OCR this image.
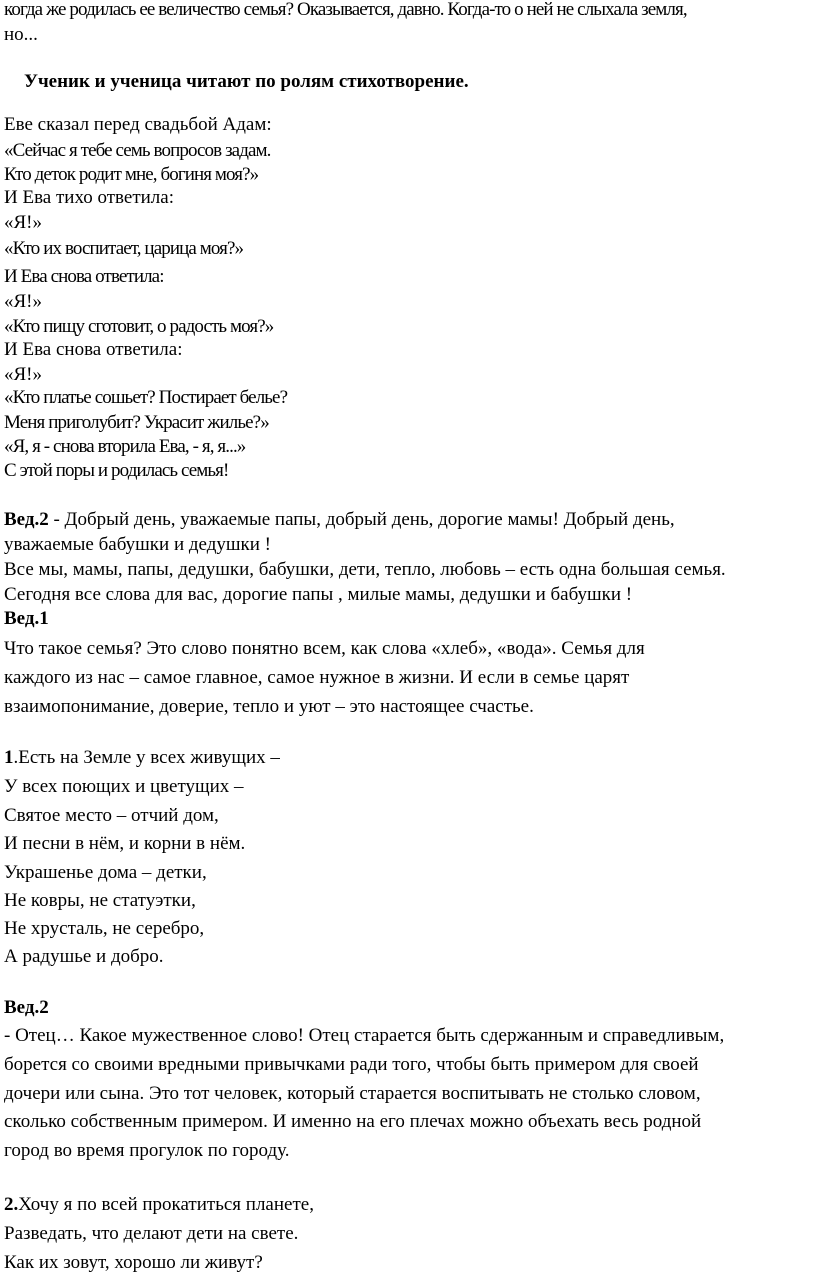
когда же родилась ее величество семья? Оказывается, давно. Когда-то о ней не слыхала земля,

но...

Ученик и ученица читают по ролям стихотворение.

Еве сказал перед свадьбой Адам:

«Сейчас я тебе семь вопросов задам.

Кто деток родит мне, богиня моя?»

И Ева тихо ответила:

«Я!»

«Кто их воспитает, царица моя?»

И Ева снова ответила:

«Я!»

«Кто пищу сготовит, о радость моя?»

И Ева снова ответила:

«Я!»

«Кто платье сошьет? Постирает белье?

Меня приголубит? Украсит жилье?»

«Я, я - снова вторила Ева, - я, я...»

С этой поры и родилась семья!

Вед.2 - Добрый день, уважаемые папы, добрый день, дорогие мамы! Добрый день,

уважаемые бабушки и дедушки !

Все мы, мамы, папы, дедушки, бабушки, дети, тепло, любовь – есть одна большая семья.

Сегодня все слова для вас, дорогие папы , милые мамы, дедушки и бабушки !

Вед.1

Что такое семья? Это слово понятно всем, как слова «хлеб», «вода». Семья для

каждого из нас – самое главное, самое нужное в жизни. И если в семье царят

взаимопонимание, доверие, тепло и уют – это настоящее счастье.

1.Есть на Земле у всех живущих –

У всех поющих и цветущих –

Святое место – отчий дом,

И песни в нём, и корни в нём.

Украшенье дома – детки,

Не ковры, не статуэтки,

Не хрусталь, не серебро,

А радушье и добро.

Вед.2

- Отец… Какое мужественное слово! Отец старается быть сдержанным и справедливым,

борется со своими вредными привычками ради того, чтобы быть примером для своей

дочери или сына. Это тот человек, который старается воспитывать не столько словом,

сколько собственным примером. И именно на его плечах можно объехать весь родной

город во время прогулок по городу.

2.Хочу я по всей прокатиться планете,

Разведать, что делают дети на свете.

Как их зовут, хорошо ли живут?
